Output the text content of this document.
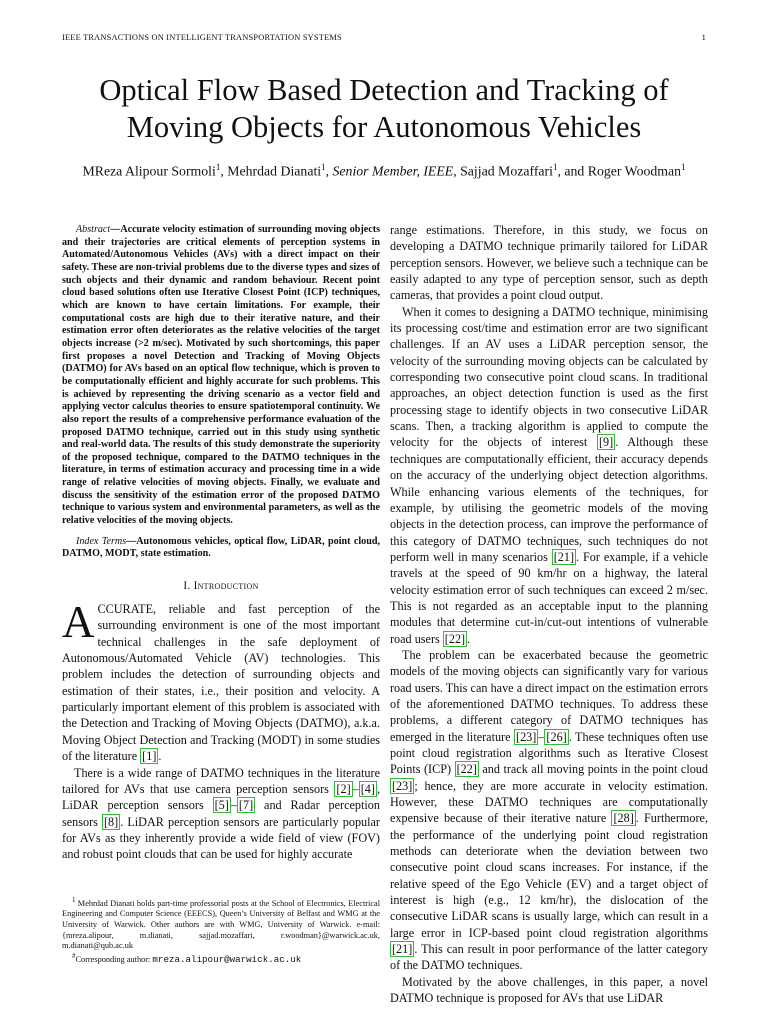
IEEE TRANSACTIONS ON INTELLIGENT TRANSPORTATION SYSTEMS	1
Optical Flow Based Detection and Tracking of
Moving Objects for Autonomous Vehicles
MReza Alipour Sormoli$^1$, Mehrdad Dianati$^1$, Senior Member, IEEE, Sajjad Mozaffari$^1$, and Roger Woodman$^1$

Abstract—Accurate velocity estimation of surrounding moving objects and their trajectories are critical elements of perception systems in Automated/Autonomous Vehicles (AVs) with a direct impact on their safety. These are non-trivial problems due to the diverse types and sizes of such objects and their dynamic and random behaviour. Recent point cloud based solutions often use Iterative Closest Point (ICP) techniques, which are known to have certain limitations. For example, their computational costs are high due to their iterative nature, and their estimation error often deteriorates as the relative velocities of the target objects increase (>2 m/sec). Motivated by such shortcomings, this paper first proposes a novel Detection and Tracking of Moving Objects (DATMO) for AVs based on an optical flow technique, which is proven to be computationally efficient and highly accurate for such problems. This is achieved by representing the driving scenario as a vector field and applying vector calculus theories to ensure spatiotemporal continuity. We also report the results of a comprehensive performance evaluation of the proposed DATMO technique, carried out in this study using synthetic and real-world data. The results of this study demonstrate the superiority of the proposed technique, compared to the DATMO techniques in the literature, in terms of estimation accuracy and processing time in a wide range of relative velocities of moving objects. Finally, we evaluate and discuss the sensitivity of the estimation error of the proposed DATMO technique to various system and environmental parameters, as well as the relative velocities of the moving objects.

Index Terms—Autonomous vehicles, optical flow, LiDAR, point cloud, DATMO, MODT, state estimation.

I. Introduction

ACCURATE, reliable and fast perception of the surrounding environment is one of the most important technical challenges in the safe deployment of Autonomous/Automated Vehicle (AV) technologies. This problem includes the detection of surrounding objects and estimation of their states, i.e., their position and velocity. A particularly important element of this problem is associated with the Detection and Tracking of Moving Objects (DATMO), a.k.a. Moving Object Detection and Tracking (MODT) in some studies of the literature [1] .

There is a wide range of DATMO techniques in the literature tailored for AVs that use camera perception sensors [2] – [4] , LiDAR perception sensors [5] – [7] and Radar perception sensors [8] . LiDAR perception sensors are particularly popular for AVs as they inherently provide a wide field of view (FOV) and robust point clouds that can be used for highly accurate

$^1$ Mehrdad Dianati holds part-time professorial posts at the School of Electronics, Electrical Engineering and Computer Science (EEECS), Queen’s University of Belfast and WMG at the University of Warwick. Other authors are with WMG, University of Warwick. e-mail: {mreza.alipour, m.dianati, sajjad.mozaffari, r.woodman}@warwick.ac.uk, m.dianati@qub.ac.uk

#Corresponding author: mreza.alipour@warwick.ac.uk

range estimations. Therefore, in this study, we focus on developing a DATMO technique primarily tailored for LiDAR perception sensors. However, we believe such a technique can be easily adapted to any type of perception sensor, such as depth cameras, that provides a point cloud output.

When it comes to designing a DATMO technique, minimising its processing cost/time and estimation error are two significant challenges. If an AV uses a LiDAR perception sensor, the velocity of the surrounding moving objects can be calculated by corresponding two consecutive point cloud scans. In traditional approaches, an object detection function is used as the first processing stage to identify objects in two consecutive LiDAR scans. Then, a tracking algorithm is applied to compute the velocity for the objects of interest [9] . Although these techniques are computationally efficient, their accuracy depends on the accuracy of the underlying object detection algorithms. While enhancing various elements of the techniques, for example, by utilising the geometric models of the moving objects in the detection process, can improve the performance of this category of DATMO techniques, such techniques do not perform well in many scenarios [21] . For example, if a vehicle travels at the speed of 90 km/hr on a highway, the lateral velocity estimation error of such techniques can exceed 2 m/sec. This is not regarded as an acceptable input to the planning modules that determine cut-in/cut-out intentions of vulnerable road users [22] .

The problem can be exacerbated because the geometric models of the moving objects can significantly vary for various road users. This can have a direct impact on the estimation errors of the aforementioned DATMO techniques. To address these problems, a different category of DATMO techniques has emerged in the literature [23] – [26] . These techniques often use point cloud registration algorithms such as Iterative Closest Points (ICP) [22] and track all moving points in the point cloud [23] ; hence, they are more accurate in velocity estimation. However, these DATMO techniques are computationally expensive because of their iterative nature [28] . Furthermore, the performance of the underlying point cloud registration methods can deteriorate when the deviation between two consecutive point cloud scans increases. For instance, if the relative speed of the Ego Vehicle (EV) and a target object of interest is high (e.g., 12 km/hr), the dislocation of the consecutive LiDAR scans is usually large, which can result in a large error in ICP-based point cloud registration algorithms [21] . This can result in poor performance of the latter category of the DATMO techniques.

Motivated by the above challenges, in this paper, a novel DATMO technique is proposed for AVs that use LiDAR
